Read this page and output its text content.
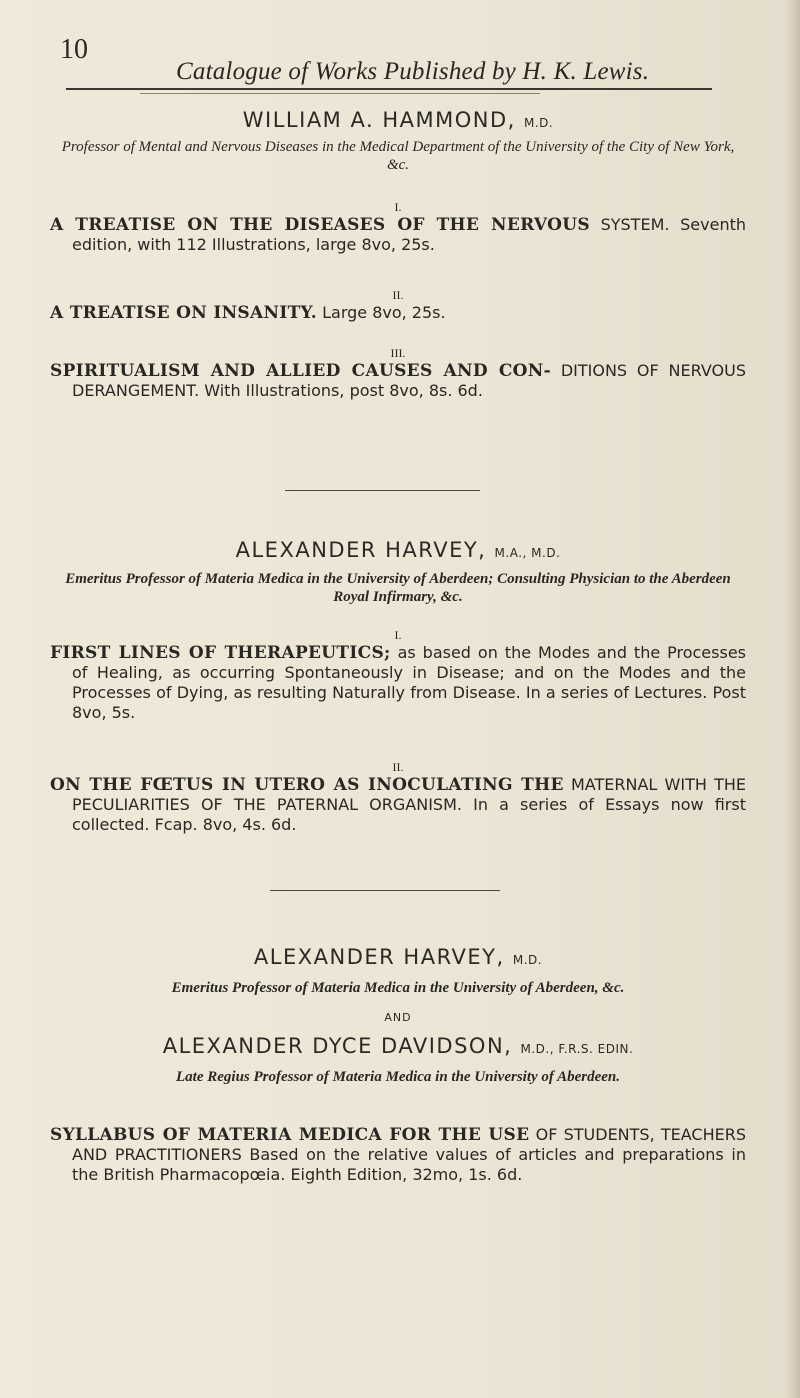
10
Catalogue of Works Published by H. K. Lewis.
WILLIAM A. HAMMOND, M.D.
Professor of Mental and Nervous Diseases in the Medical Department of the University of the City of New York, &c.
I.
A TREATISE ON THE DISEASES OF THE NERVOUS SYSTEM. Seventh edition, with 112 Illustrations, large 8vo, 25s.
II.
A TREATISE ON INSANITY. Large 8vo, 25s.
III.
SPIRITUALISM AND ALLIED CAUSES AND CON- DITIONS OF NERVOUS DERANGEMENT. With Illustrations, post 8vo, 8s. 6d.
ALEXANDER HARVEY, M.A., M.D.
Emeritus Professor of Materia Medica in the University of Aberdeen; Consulting Physician to the Aberdeen Royal Infirmary, &c.
I.
FIRST LINES OF THERAPEUTICS; as based on the Modes and the Processes of Healing, as occurring Spontaneously in Disease; and on the Modes and the Processes of Dying, as resulting Naturally from Disease. In a series of Lectures. Post 8vo, 5s.
II.
ON THE FŒTUS IN UTERO AS INOCULATING THE MATERNAL WITH THE PECULIARITIES OF THE PATERNAL ORGANISM. In a series of Essays now first collected. Fcap. 8vo, 4s. 6d.
ALEXANDER HARVEY, M.D.
Emeritus Professor of Materia Medica in the University of Aberdeen, &c.
AND
ALEXANDER DYCE DAVIDSON, M.D., F.R.S. EDIN.
Late Regius Professor of Materia Medica in the University of Aberdeen.
SYLLABUS OF MATERIA MEDICA FOR THE USE OF STUDENTS, TEACHERS AND PRACTITIONERS Based on the relative values of articles and preparations in the British Pharmacopœia. Eighth Edition, 32mo, 1s. 6d.
